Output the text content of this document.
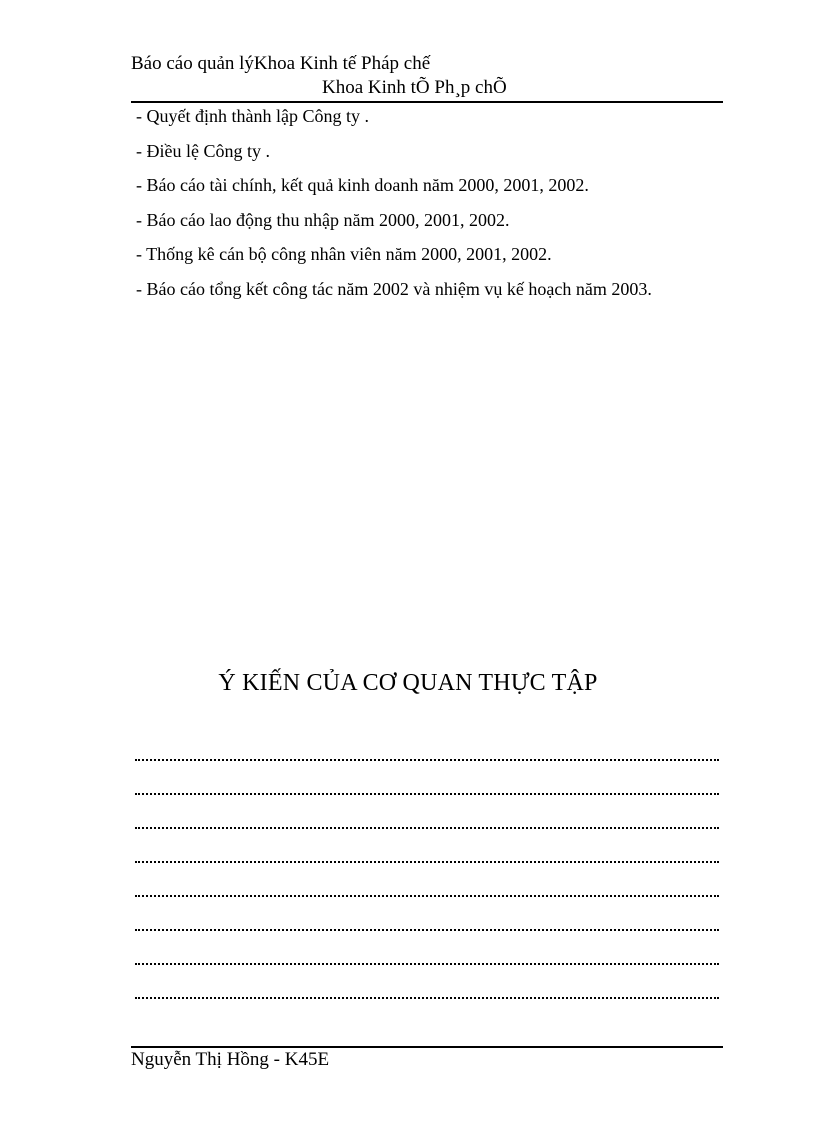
Báo cáo quản lýKhoa Kinh tế Pháp chế
Khoa Kinh tÕ Ph¸p chÕ
- Quyết định thành lập Công ty .
- Điều lệ Công ty .
- Báo cáo tài chính, kết quả kinh doanh năm 2000, 2001, 2002.
- Báo cáo lao động thu nhập năm 2000, 2001, 2002.
- Thống kê cán bộ công nhân viên năm 2000, 2001, 2002.
- Báo cáo tổng kết công tác năm 2002 và nhiệm vụ kế hoạch năm 2003.
Ý KIẾN CỦA CƠ QUAN THỰC TẬP
Nguyễn Thị Hồng - K45E
